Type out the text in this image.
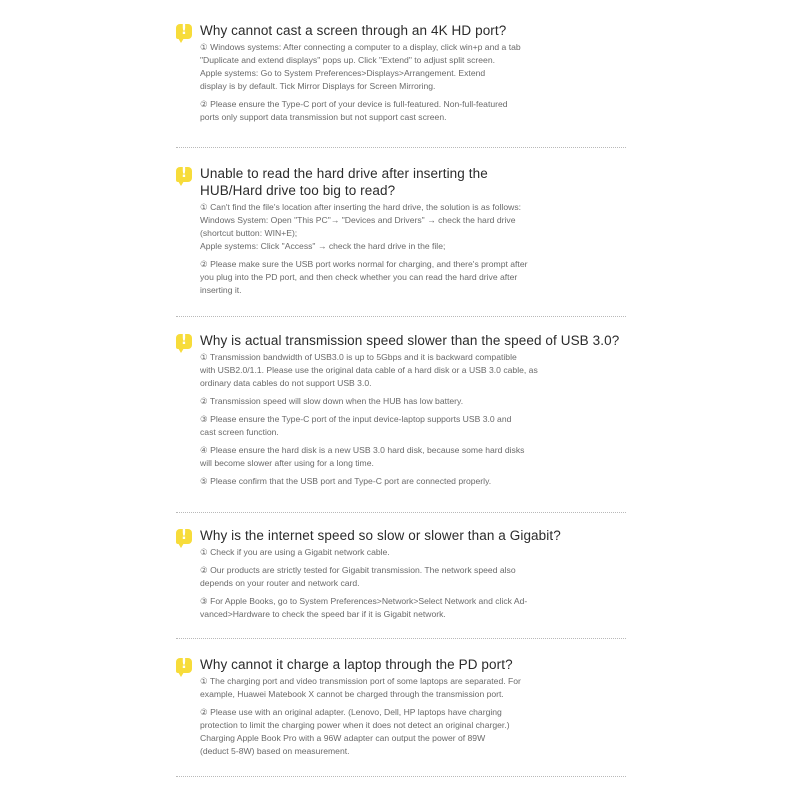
!
Why cannot cast a screen through an 4K HD port?
① Windows systems: After connecting a computer to a display, click win+p and a tab
"Duplicate and extend displays" pops up. Click "Extend" to adjust split screen.
Apple systems: Go to System Preferences>Displays>Arrangement. Extend
display is by default. Tick Mirror Displays for Screen Mirroring.
② Please ensure the Type-C port of your device is full-featured. Non-full-featured
ports only support data transmission but not support cast screen.
!
Unable to read the hard drive after inserting the
HUB/Hard drive too big to read?
① Can't find the file's location after inserting the hard drive, the solution is as follows:
Windows System: Open "This PC"→ "Devices and Drivers" → check the hard drive
(shortcut button: WIN+E);
Apple systems: Click "Access" → check the hard drive in the file;
② Please make sure the USB port works normal for charging, and there's prompt after
you plug into the PD port, and then check whether you can read the hard drive after
inserting it.
!
Why is actual transmission speed slower than the speed of USB 3.0?
① Transmission bandwidth of USB3.0 is up to 5Gbps and it is backward compatible
with USB2.0/1.1. Please use the original data cable of a hard disk or a USB 3.0 cable, as
ordinary data cables do not support USB 3.0.
② Transmission speed will slow down when the HUB has low battery.
③ Please ensure the Type-C port of the input device-laptop supports USB 3.0 and
cast screen function.
④ Please ensure the hard disk is a new USB 3.0 hard disk, because some hard disks
will become slower after using for a long time.
⑤ Please confirm that the USB port and Type-C port are connected properly.
!
Why is the internet speed so slow or slower than a Gigabit?
① Check if you are using a Gigabit network cable.
② Our products are strictly tested for Gigabit transmission. The network speed also
depends on your router and network card.
③ For Apple Books, go to System Preferences>Network>Select Network and click Ad-
vanced>Hardware to check the speed bar if it is Gigabit network.
!
Why cannot it charge a laptop through the PD port?
① The charging port and video transmission port of some laptops are separated. For
example, Huawei Matebook X cannot be charged through the transmission port.
② Please use with an original adapter. (Lenovo, Dell, HP laptops have charging
protection to limit the charging power when it does not detect an original charger.)
Charging Apple Book Pro with a 96W adapter can output the power of 89W
(deduct 5-8W) based on measurement.
